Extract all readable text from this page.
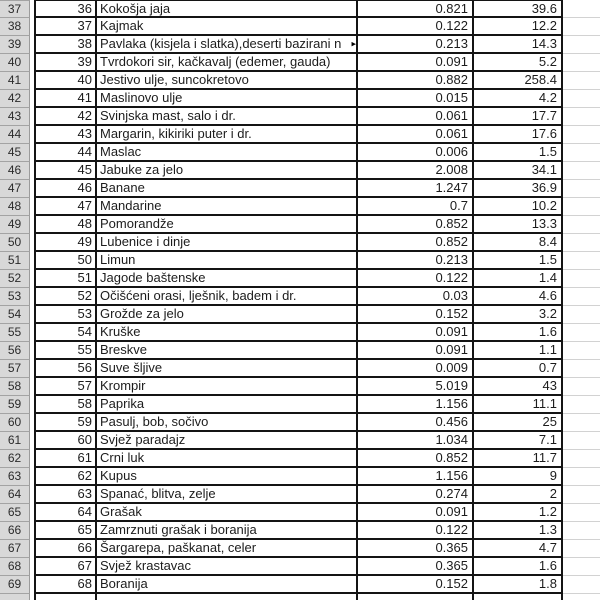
37	36 Kokošja jaja	0.821	39.6
38	37 Kajmak	0.122	12.2
39	38 Pavlaka (kisjela i slatka),deserti bazirani n ▸	0.213	14.3
40	39 Tvrdokori sir, kačkavalj (edemer, gauda)	0.091	5.2
41	40 Jestivo ulje, suncokretovo	0.882	258.4
42	41 Maslinovo ulje	0.015	4.2
43	42 Svinjska mast, salo i dr.	0.061	17.7
44	43 Margarin, kikiriki puter i dr.	0.061	17.6
45	44 Maslac	0.006	1.5
46	45 Jabuke za jelo	2.008	34.1
47	46 Banane	1.247	36.9
48	47 Mandarine	0.7	10.2
49	48 Pomorandže	0.852	13.3
50	49 Lubenice i dinje	0.852	8.4
51	50 Limun	0.213	1.5
52	51 Jagode baštenske	0.122	1.4
53	52 Očišćeni orasi, lješnik, badem i dr.	0.03	4.6
54	53 Grožde za jelo	0.152	3.2
55	54 Kruške	0.091	1.6
56	55 Breskve	0.091	1.1
57	56 Suve šljive	0.009	0.7
58	57 Krompir	5.019	43
59	58 Paprika	1.156	11.1
60	59 Pasulj, bob, sočivo	0.456	25
61	60 Svjež paradajz	1.034	7.1
62	61 Crni luk	0.852	11.7
63	62 Kupus	1.156	9
64	63 Spanać, blitva, zelje	0.274	2
65	64 Grašak	0.091	1.2
66	65 Zamrznuti grašak i boranija	0.122	1.3
67	66 Šargarepa, paškanat, celer	0.365	4.7
68	67 Svjež krastavac	0.365	1.6
69	68 Boranija	0.152	1.8
